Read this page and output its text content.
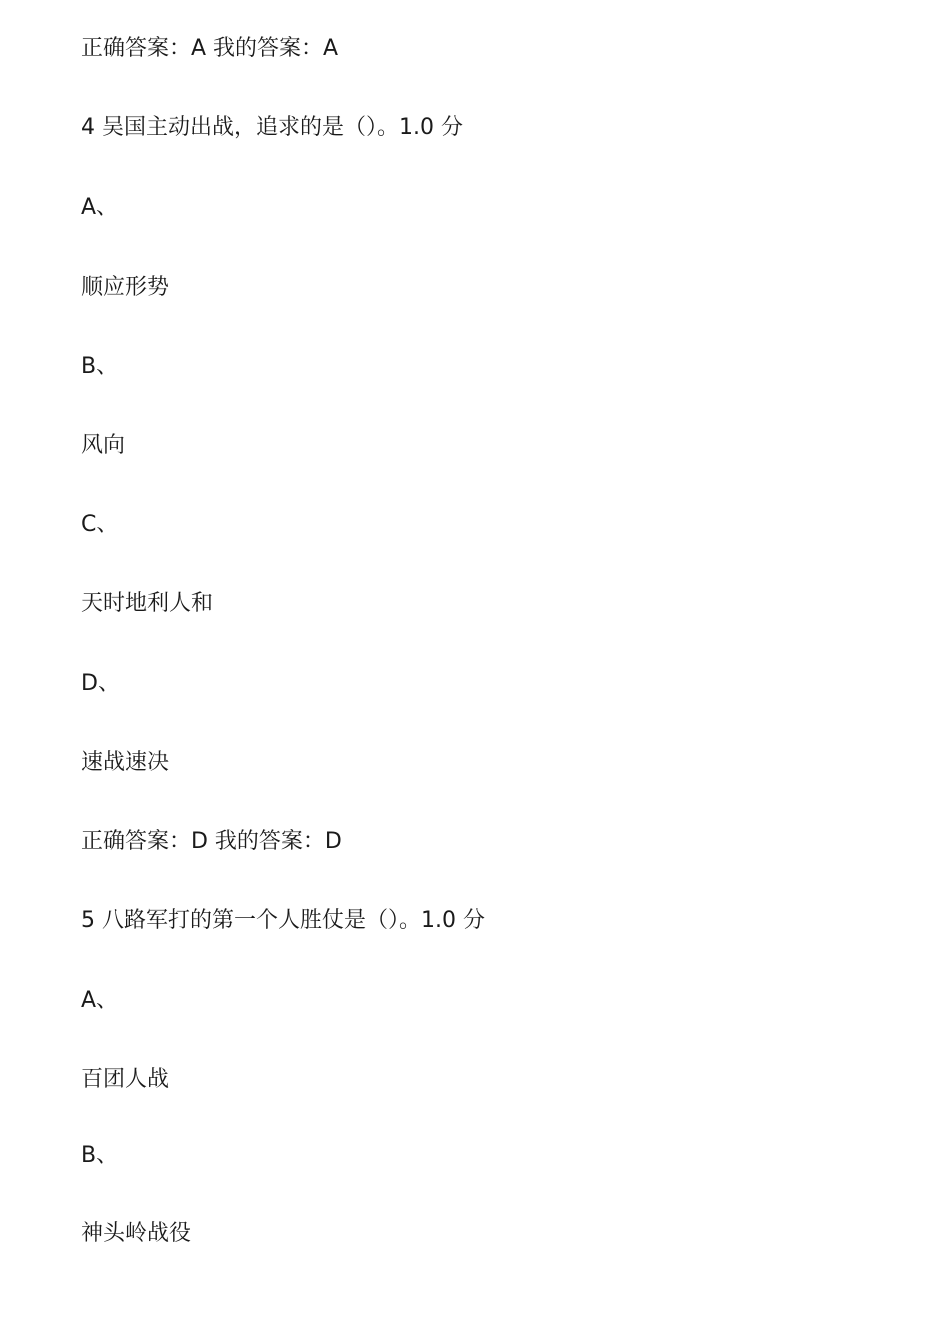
正确答案：A 我的答案：A
4 吴国主动出战，追求的是（）。1.0 分
A、
顺应形势
B、
风向
C、
天时地利人和
D、
速战速决
正确答案：D 我的答案：D
5 八路军打的第一个人胜仗是（）。1.0 分
A、
百团人战
B、
神头岭战役
